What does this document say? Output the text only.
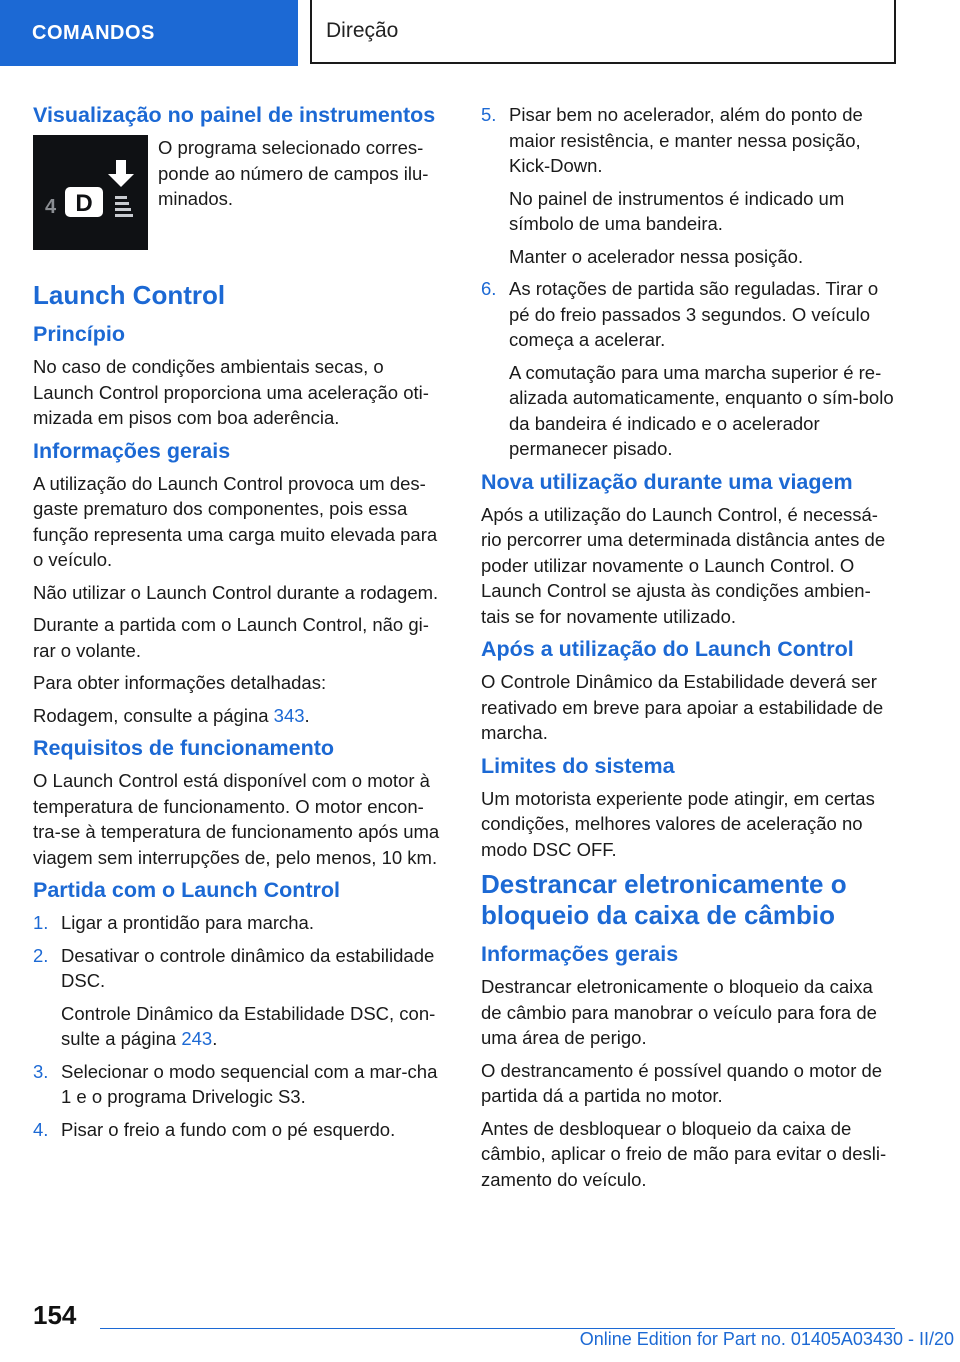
COMANDOS	Direção
Visualização no painel de instrumentos
4 D

O programa selecionado corres-ponde ao número de campos ilu-minados.

Launch Control
Princípio

No caso de condições ambientais secas, o Launch Control proporciona uma aceleração oti-mizada em pisos com boa aderência.

Informações gerais

A utilização do Launch Control provoca um des-gaste prematuro dos componentes, pois essa função representa uma carga muito elevada para o veículo.

Não utilizar o Launch Control durante a rodagem.

Durante a partida com o Launch Control, não gi-rar o volante.

Para obter informações detalhadas:

Rodagem, consulte a página 343.

Requisitos de funcionamento

O Launch Control está disponível com o motor à temperatura de funcionamento. O motor encon-tra-se à temperatura de funcionamento após uma viagem sem interrupções de, pelo menos, 10 km.

Partida com o Launch Control
1. Ligar a prontidão para marcha.
2. Desativar o controle dinâmico da estabilidade DSC.
Controle Dinâmico da Estabilidade DSC, con-sulte a página 243.
3. Selecionar o modo sequencial com a mar-cha 1 e o programa Drivelogic S3.
4. Pisar o freio a fundo com o pé esquerdo.
5. Pisar bem no acelerador, além do ponto de maior resistência, e manter nessa posição, Kick-Down.
No painel de instrumentos é indicado um símbolo de uma bandeira.
Manter o acelerador nessa posição.
6. As rotações de partida são reguladas. Tirar o pé do freio passados 3 segundos. O veículo começa a acelerar.
A comutação para uma marcha superior é re-alizada automaticamente, enquanto o sím-bolo da bandeira é indicado e o acelerador permanecer pisado.
Nova utilização durante uma viagem

Após a utilização do Launch Control, é necessá-rio percorrer uma determinada distância antes de poder utilizar novamente o Launch Control. O Launch Control se ajusta às condições ambien-tais se for novamente utilizado.

Após a utilização do Launch Control

O Controle Dinâmico da Estabilidade deverá ser reativado em breve para apoiar a estabilidade de marcha.

Limites do sistema

Um motorista experiente pode atingir, em certas condições, melhores valores de aceleração no modo DSC OFF.

Destrancar eletronicamente o bloqueio da caixa de câmbio
Informações gerais

Destrancar eletronicamente o bloqueio da caixa de câmbio para manobrar o veículo para fora de uma área de perigo.

O destrancamento é possível quando o motor de partida dá a partida no motor.

Antes de desbloquear o bloqueio da caixa de câmbio, aplicar o freio de mão para evitar o desli-zamento do veículo.

154
Online Edition for Part no. 01405A03430 - II/20
